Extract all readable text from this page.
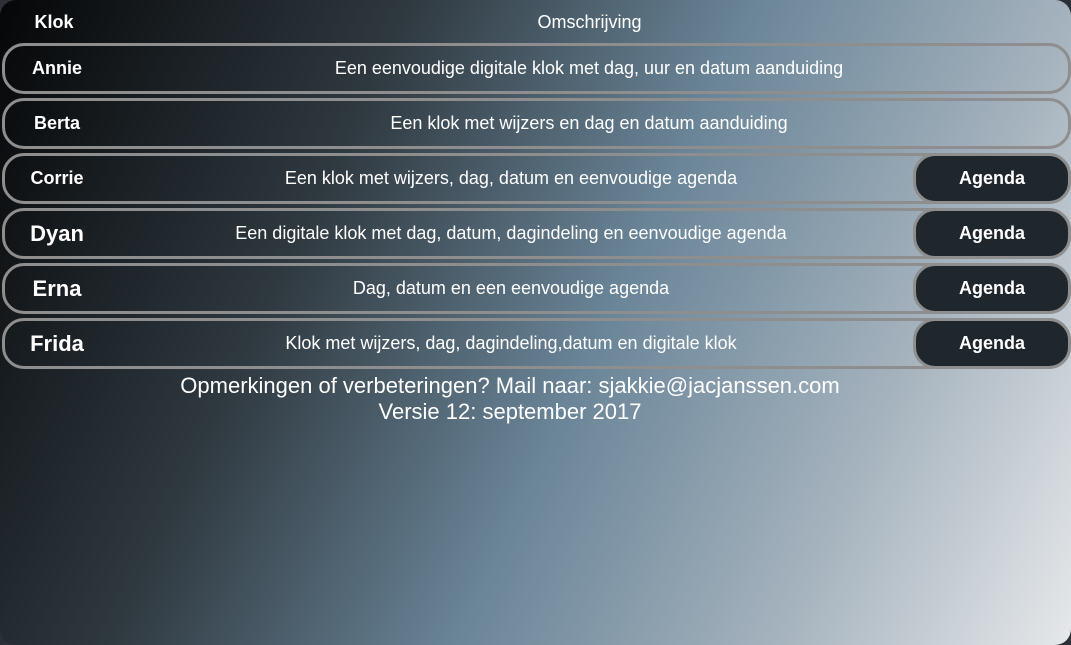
Klok	Omschrijving
Annie	Een eenvoudige digitale klok met dag, uur en datum aanduiding
Berta	Een klok met wijzers en dag en datum aanduiding
Corrie	Een klok met wijzers, dag, datum en eenvoudige agenda	Agenda
Dyan	Een digitale klok met dag, datum, dagindeling en eenvoudige agenda	Agenda
Erna	Dag, datum en een eenvoudige agenda	Agenda
Frida	Klok met wijzers, dag, dagindeling,datum en digitale klok	Agenda
Opmerkingen of verbeteringen? Mail naar: sjakkie@jacjanssen.com
Versie 12: september 2017
